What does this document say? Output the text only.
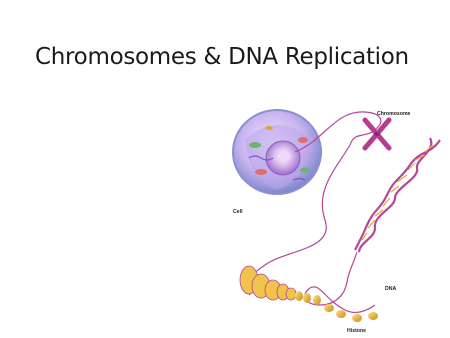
Chromosomes & DNA Replication
Chromosome
Cell
DNA
Histone
